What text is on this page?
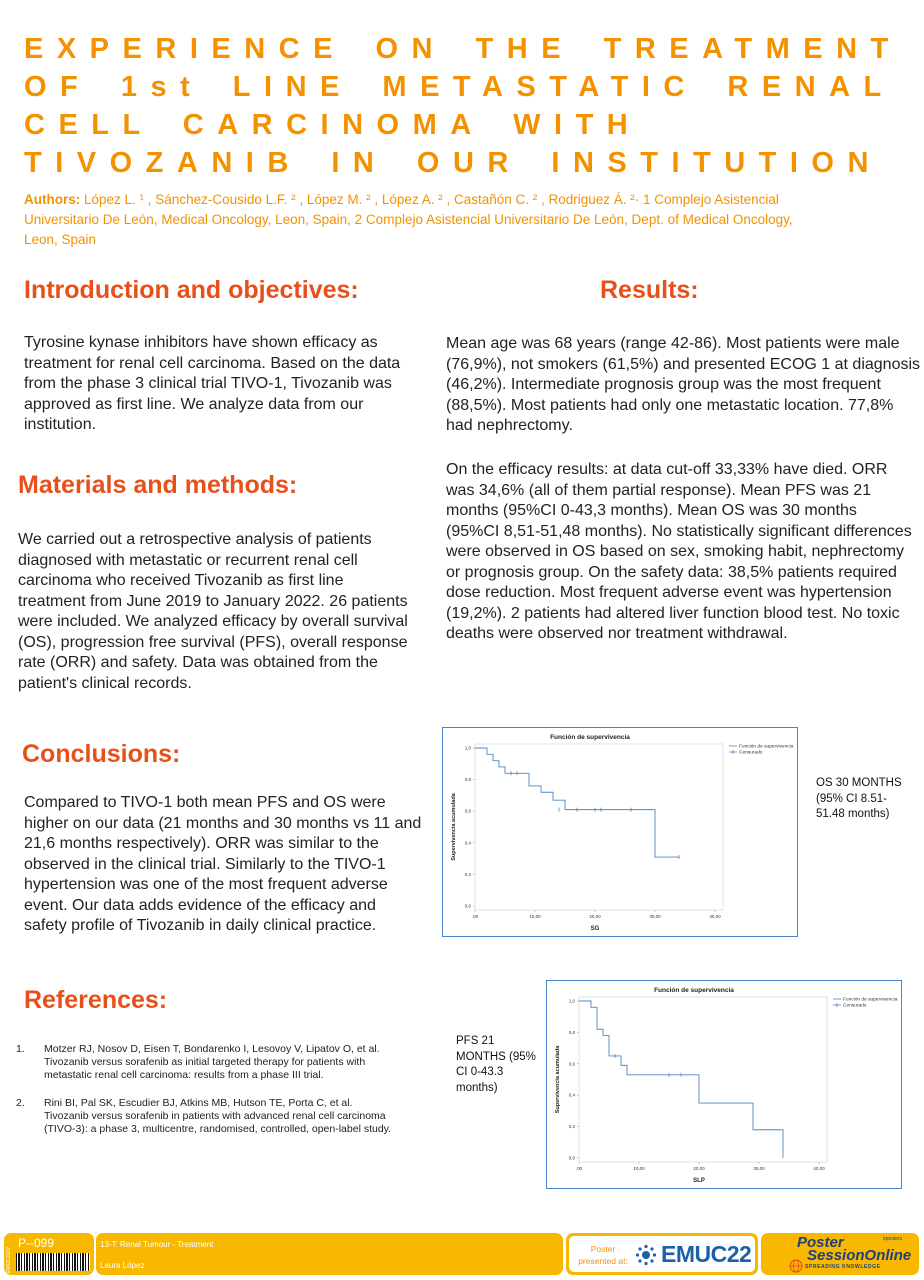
EXPERIENCE ON THE TREATMENT OF 1st LINE METASTATIC RENAL CELL CARCINOMA WITH TIVOZANIB IN OUR INSTITUTION
Authors: López L. ¹ , Sánchez-Cousido L.F. ² , López M. ² , López A. ² , Castañón C. ² , Rodriguez Á. ²· 1 Complejo Asistencial Universitario De León, Medical Oncology, Leon, Spain, 2 Complejo Asistencial Universitario De León, Dept. of Medical Oncology, Leon, Spain
Introduction and objectives:
Tyrosine kynase inhibitors have shown efficacy as treatment for renal cell carcinoma. Based on the data from the phase 3 clinical trial TIVO-1, Tivozanib was approved as first line. We analyze data from our institution.
Materials and methods:
We carried out a retrospective analysis of patients diagnosed with metastatic or recurrent renal cell carcinoma who received Tivozanib as first line treatment from June 2019 to January 2022. 26 patients were included. We analyzed efficacy by overall survival (OS), progression free survival (PFS), overall response rate (ORR) and safety. Data was obtained from the patient's clinical records.
Conclusions:
Compared to TIVO-1 both mean PFS and OS were higher on our data (21 months and 30 months vs 11 and 21,6 months respectively). ORR was similar to the observed in the clinical trial. Similarly to the TIVO-1 hypertension was one of the most frequent adverse event. Our data adds evidence of the efficacy and safety profile of Tivozanib in daily clinical practice.
References:
1. Motzer RJ, Nosov D, Eisen T, Bondarenko I, Lesovoy V, Lipatov O, et al. Tivozanib versus sorafenib as initial targeted therapy for patients with metastatic renal cell carcinoma: results from a phase III trial.
2. Rini BI, Pal SK, Escudier BJ, Atkins MB, Hutson TE, Porta C, et al. Tivozanib versus sorafenib in patients with advanced renal cell carcinoma (TIVO-3): a phase 3, multicentre, randomised, controlled, open-label study.
Results:
Mean age was 68 years (range 42-86). Most patients were male (76,9%), not smokers (61,5%) and presented ECOG 1 at diagnosis (46,2%). Intermediate prognosis group was the most frequent (88,5%). Most patients had only one metastatic location. 77,8% had nephrectomy.
On the efficacy results: at data cut-off 33,33% have died. ORR was 34,6% (all of them partial response). Mean PFS was 21 months (95%CI 0-43,3 months). Mean OS was 30 months (95%CI 8,51-51,48 months). No statistically significant differences were observed in OS based on sex, smoking habit, nephrectomy or prognosis group. On the safety data: 38,5% patients required dose reduction. Most frequent adverse event was hypertension (19,2%). 2 patients had altered liver function blood test. No toxic deaths were observed nor treatment withdrawal.
Función de supervivencia
0,0
0,2
0,4
0,6
0,8
1,0
.00	10,00	20,00	30,00	40,00
SG
Supervivencia acumulada
Función de supervivencia
Censurado
OS 30 MONTHS (95% CI 8.51- 51.48 months)
Función de supervivencia
0,0
0,2
0,4
0,6
0,8
1,0
.00	10,00	20,00	30,00	40,00
SLP
Supervivencia acumulada
Función de supervivencia
Censurado
PFS 21 MONTHS (95% CI 0-43.3 months)
EMUC2022
P--099	13-T: Renal Tumour - Treatment
Laura López
Poster presented at: EMUC22	Poster	eposters
SessionOnline
SPREADING KNOWLEDGE
